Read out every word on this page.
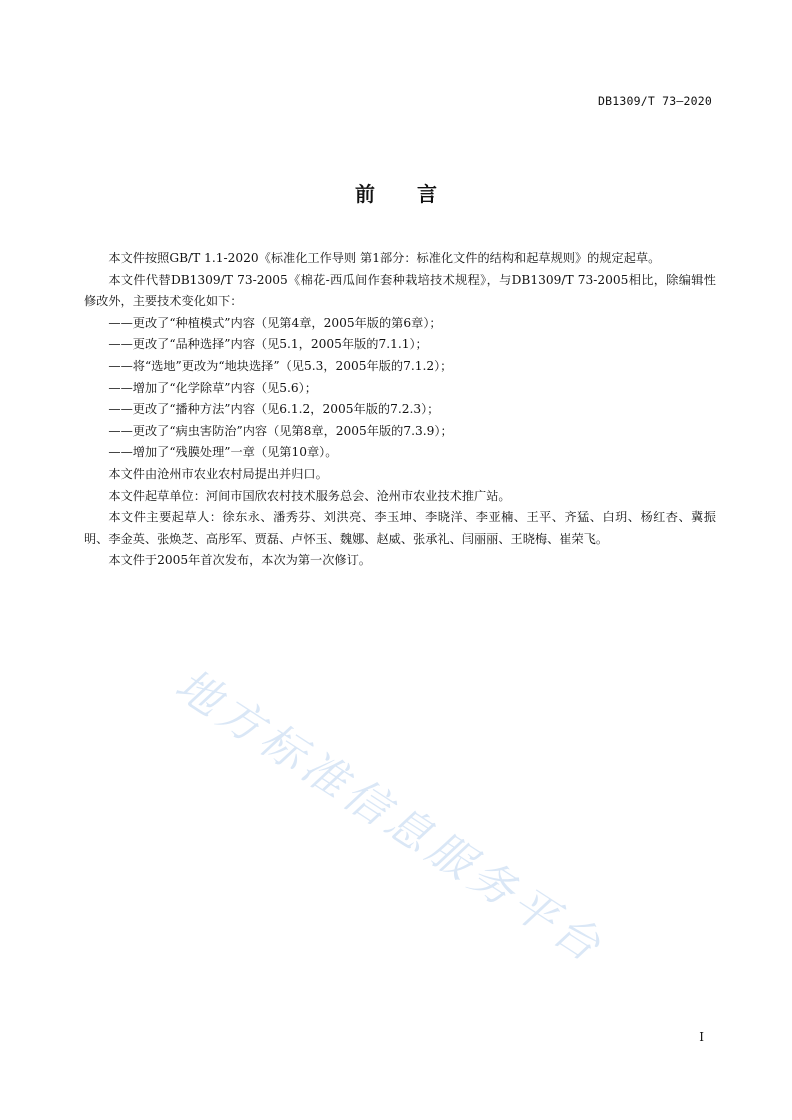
DB1309/T 73—2020
前言

本文件按照GB/T 1.1-2020《标准化工作导则 第1部分：标准化文件的结构和起草规则》的规定起草。

本文件代替DB1309/T 73-2005《棉花-西瓜间作套种栽培技术规程》，与DB1309/T 73-2005相比，除编辑性修改外，主要技术变化如下：

——更改了“种植模式”内容（见第4章，2005年版的第6章）；

——更改了“品种选择”内容（见5.1，2005年版的7.1.1）；

——将“选地”更改为“地块选择”（见5.3，2005年版的7.1.2）；

——增加了“化学除草”内容（见5.6）；

——更改了“播种方法”内容（见6.1.2，2005年版的7.2.3）；

——更改了“病虫害防治”内容（见第8章，2005年版的7.3.9）；

——增加了“残膜处理”一章（见第10章）。

本文件由沧州市农业农村局提出并归口。

本文件起草单位：河间市国欣农村技术服务总会、沧州市农业技术推广站。

本文件主要起草人：徐东永、潘秀芬、刘洪亮、李玉坤、李晓洋、李亚楠、王平、齐猛、白玥、杨红杏、冀振明、李金英、张焕芝、高彤军、贾磊、卢怀玉、魏娜、赵威、张承礼、闫丽丽、王晓梅、崔荣飞。

本文件于2005年首次发布，本次为第一次修订。

地方标准信息服务平台
I
